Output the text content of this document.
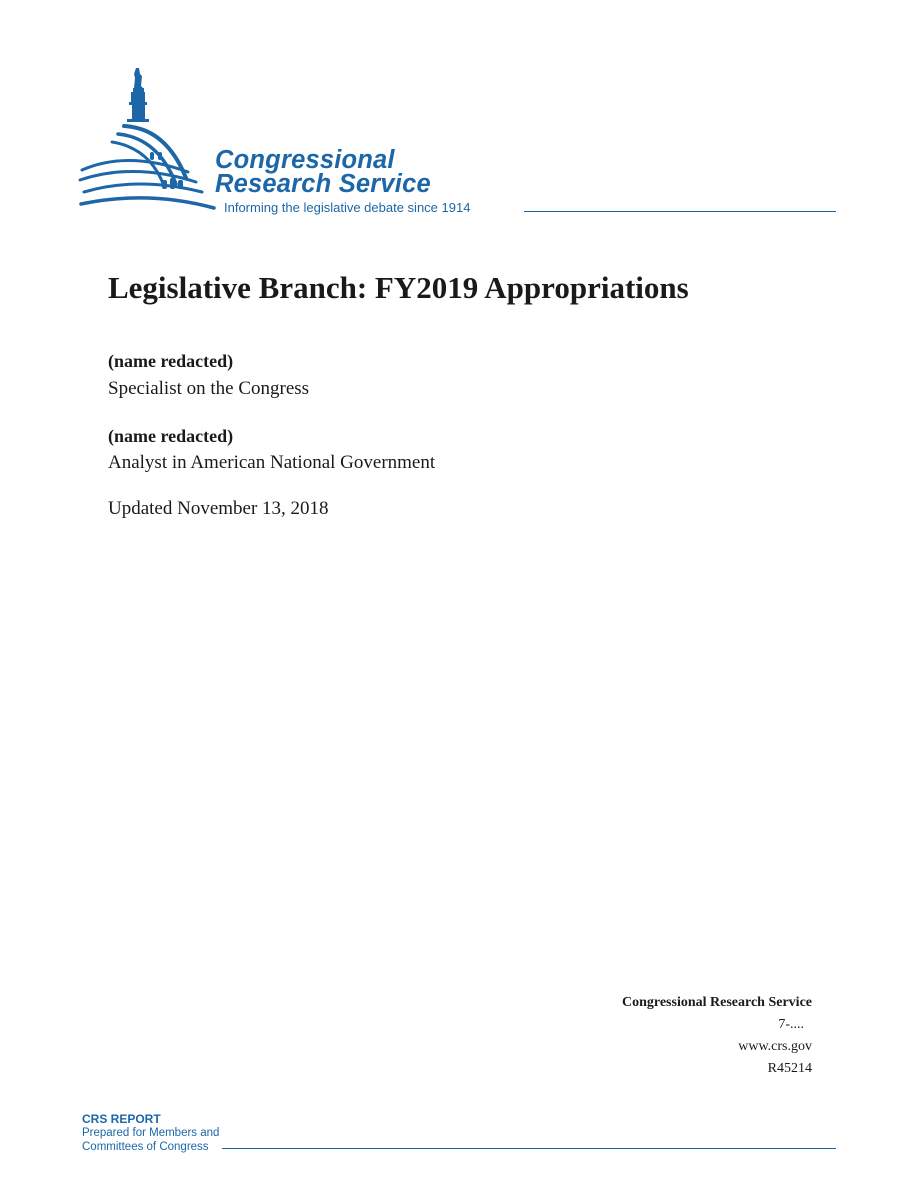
Congressional
Research Service
Informing the legislative debate since 1914
Legislative Branch: FY2019 Appropriations
(name redacted)
Specialist on the Congress
(name redacted)
Analyst in American National Government
Updated November 13, 2018
Congressional Research Service
7-....
www.crs.gov
R45214
CRS REPORT
Prepared for Members and
Committees of Congress
